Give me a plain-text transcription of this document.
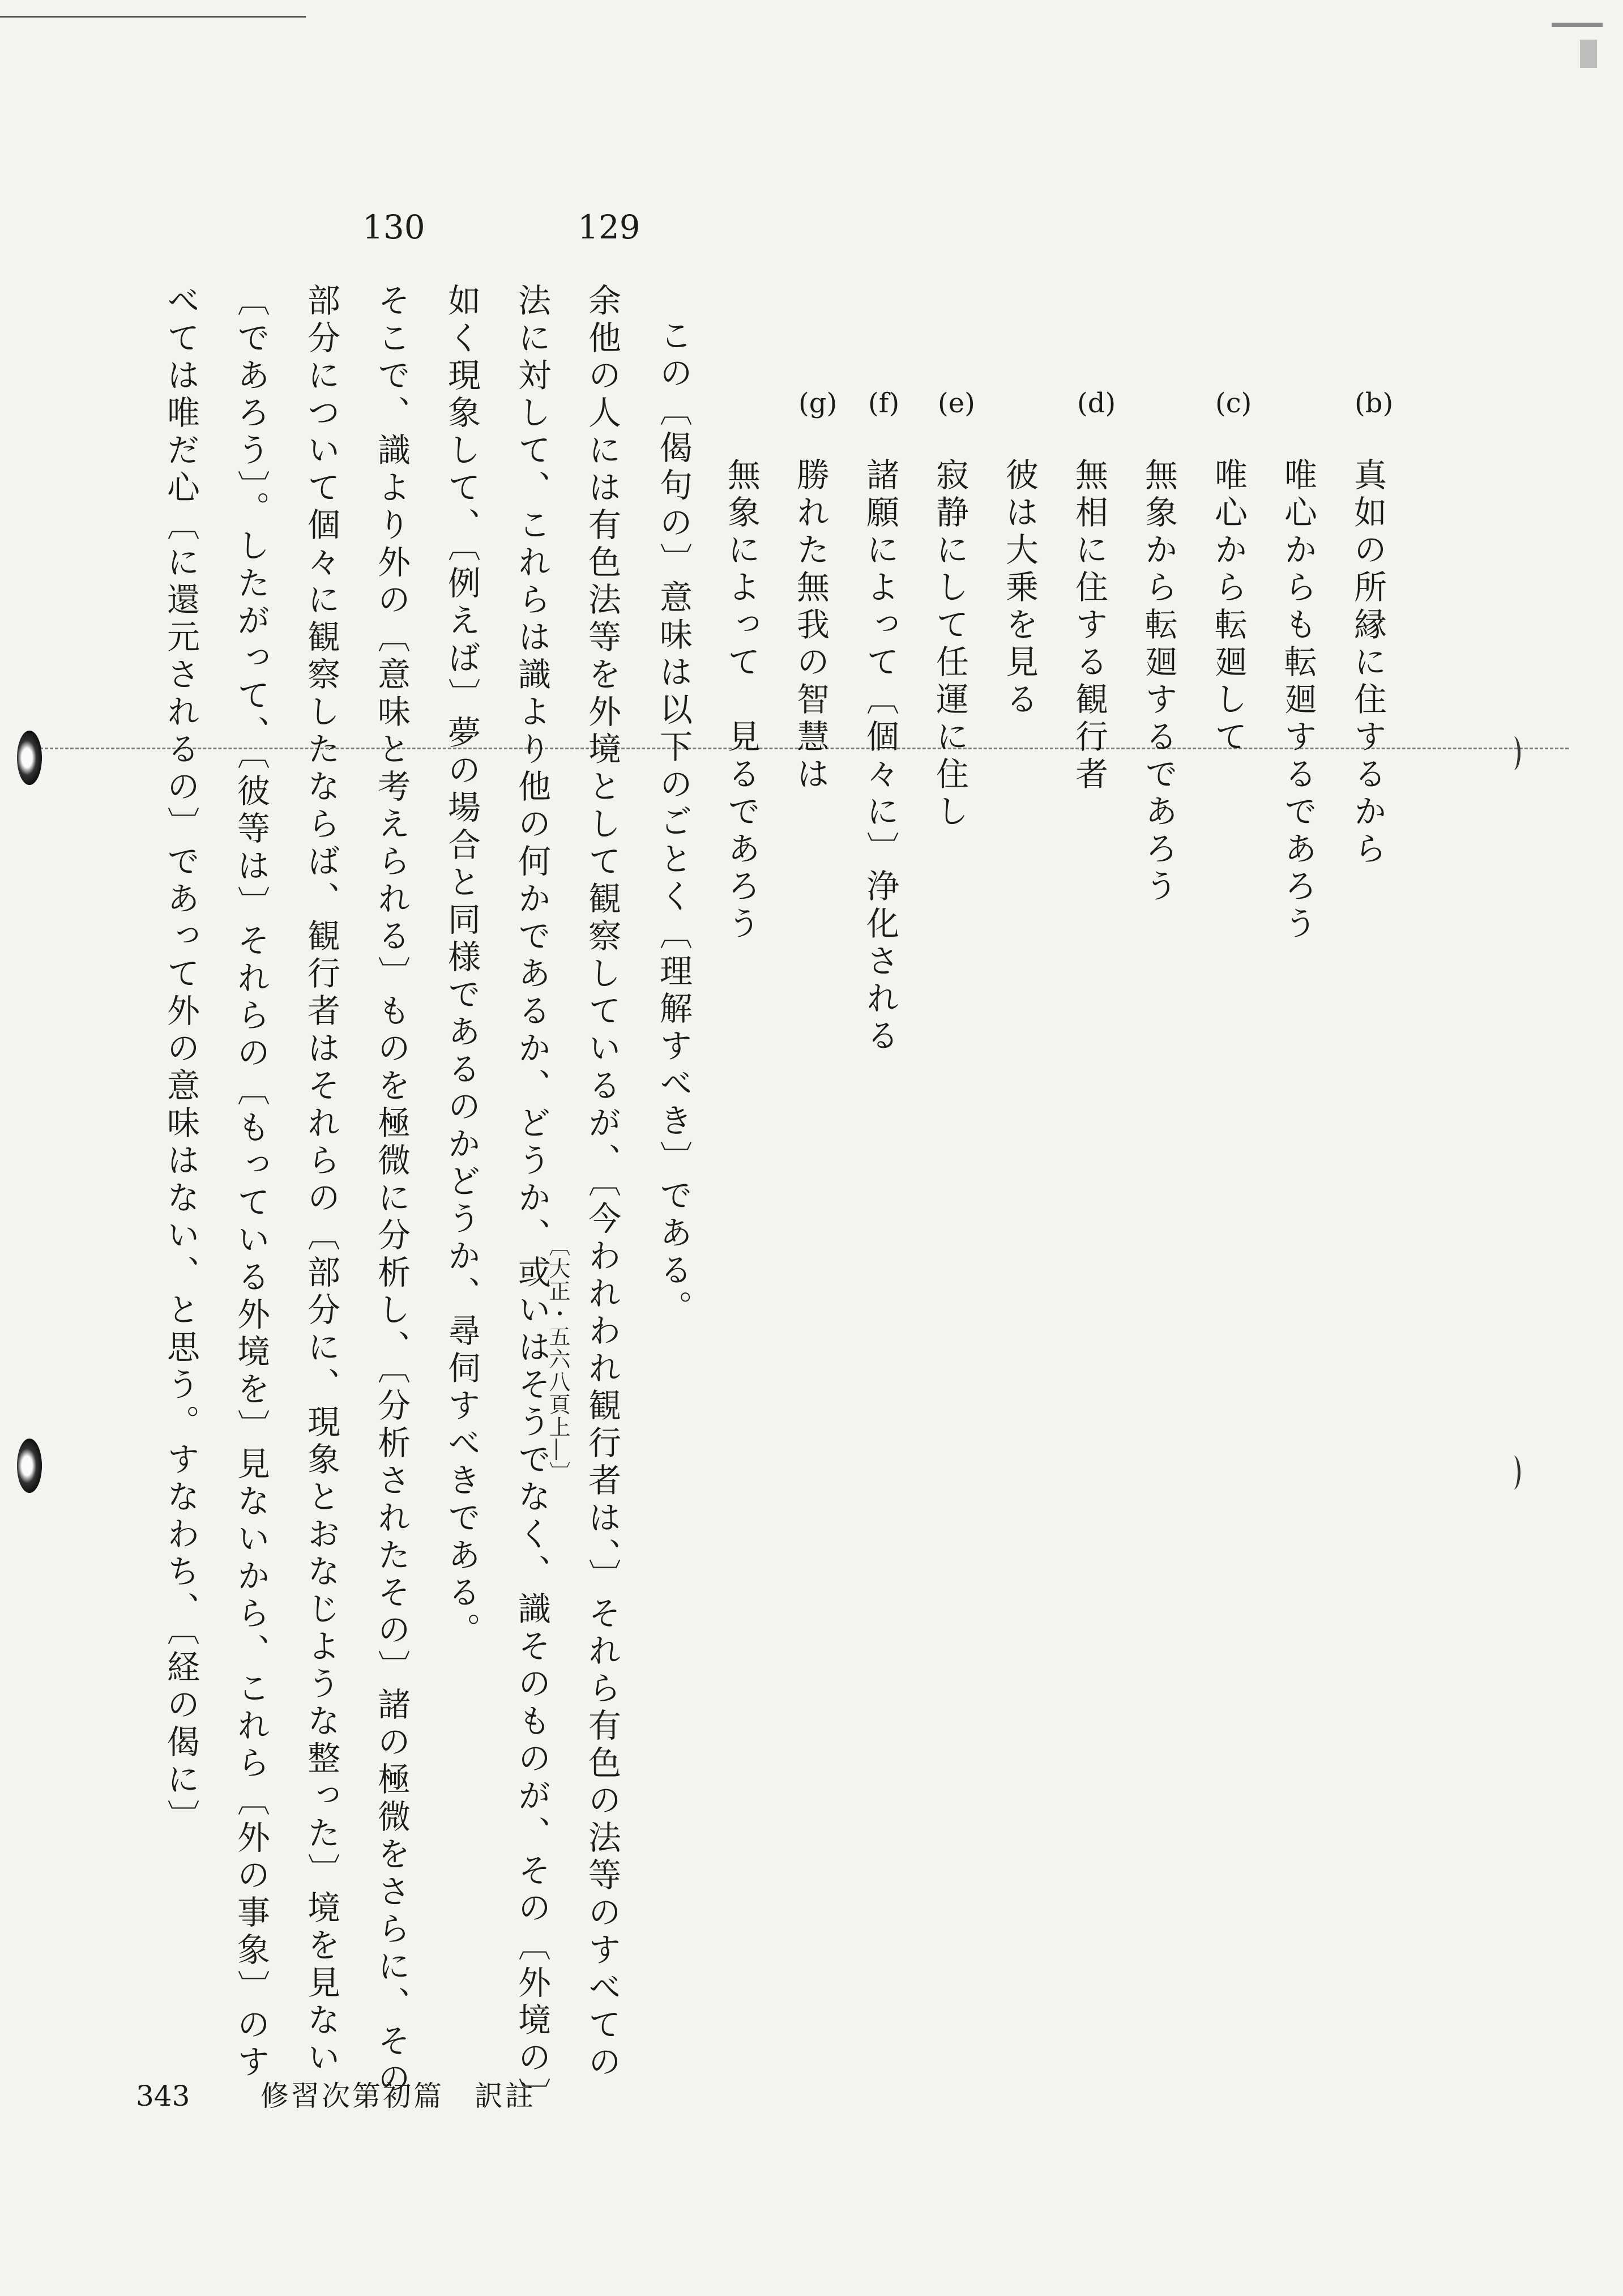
130	129
(b)
(c)
(d)
(e)
(f)
(g)
真如の所縁に住するから
唯心からも転廻するであろう
唯心から転廻して
無象から転廻するであろう
無相に住する観行者
彼は大乗を見る
寂静にして任運に住し
諸願によって〔個々に〕浄化される
勝れた無我の智慧は
無象によって　見るであろう
この〔偈句の〕意味は以下のごとく〔理解すべき〕である。
余他の人には有色法等を外境として観察しているが、〔今われわれ観行者は、〕それら有色の法等のすべての
法に対して、これらは識より他の何かであるか、どうか、或いはそうでなく、識そのものが、その〔外境の〕
如く現象して、〔例えば〕夢の場合と同様であるのかどうか、尋伺すべきである。
そこで、識より外の〔意味と考えられる〕ものを極微に分析し、〔分析されたその〕諸の極微をさらに、その
部分について個々に観察したならば、観行者はそれらの〔部分に、現象とおなじような整った〕境を見ない
〔であろう〕。したがって、〔彼等は〕それらの〔もっている外境を〕見ないから、これら〔外の事象〕のす
べては唯だ心〔に還元されるの〕であって外の意味はない、と思う。すなわち、〔経の偈に〕	〔大正・五六八頁上―〕
343 修習次第初篇　訳註
